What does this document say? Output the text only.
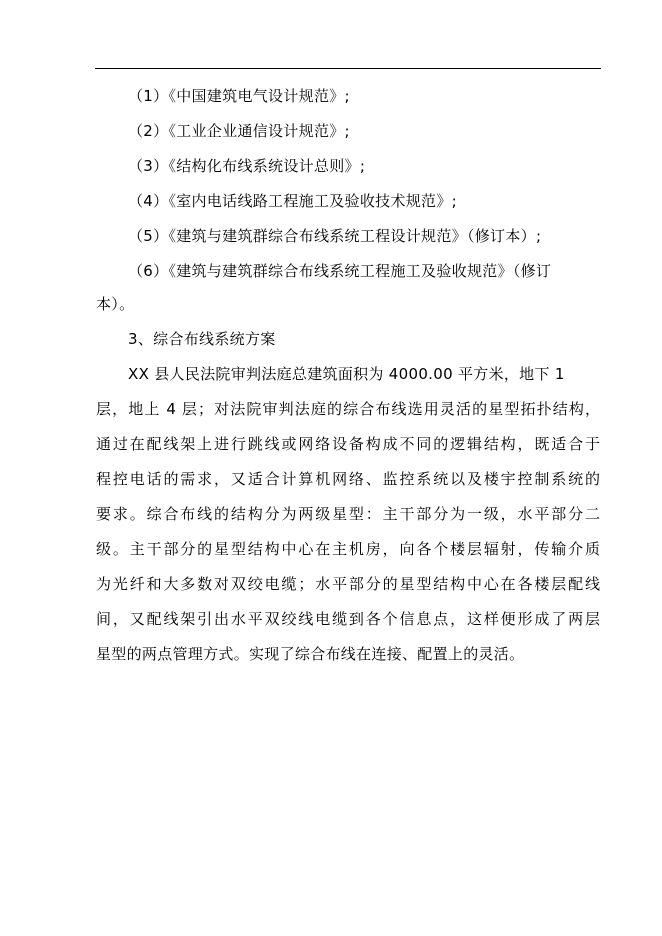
（1）《中国建筑电气设计规范》;
（2）《工业企业通信设计规范》;
（3）《结构化布线系统设计总则》;
（4）《室内电话线路工程施工及验收技术规范》;
（5）《建筑与建筑群综合布线系统工程设计规范》（修订本）;
（6）《建筑与建筑群综合布线系统工程施工及验收规范》（修订
本）。
3、综合布线系统方案
XX 县人民法院审判法庭总建筑面积为 4000.00 平方米，地下 1
层，地上 4 层；对法院审判法庭的综合布线选用灵活的星型拓扑结构，
通过在配线架上进行跳线或网络设备构成不同的逻辑结构，既适合于
程控电话的需求，又适合计算机网络、监控系统以及楼宇控制系统的
要求。综合布线的结构分为两级星型：主干部分为一级，水平部分二
级。主干部分的星型结构中心在主机房，向各个楼层辐射，传输介质
为光纤和大多数对双绞电缆；水平部分的星型结构中心在各楼层配线
间，又配线架引出水平双绞线电缆到各个信息点，这样便形成了两层
星型的两点管理方式。实现了综合布线在连接、配置上的灵活。
